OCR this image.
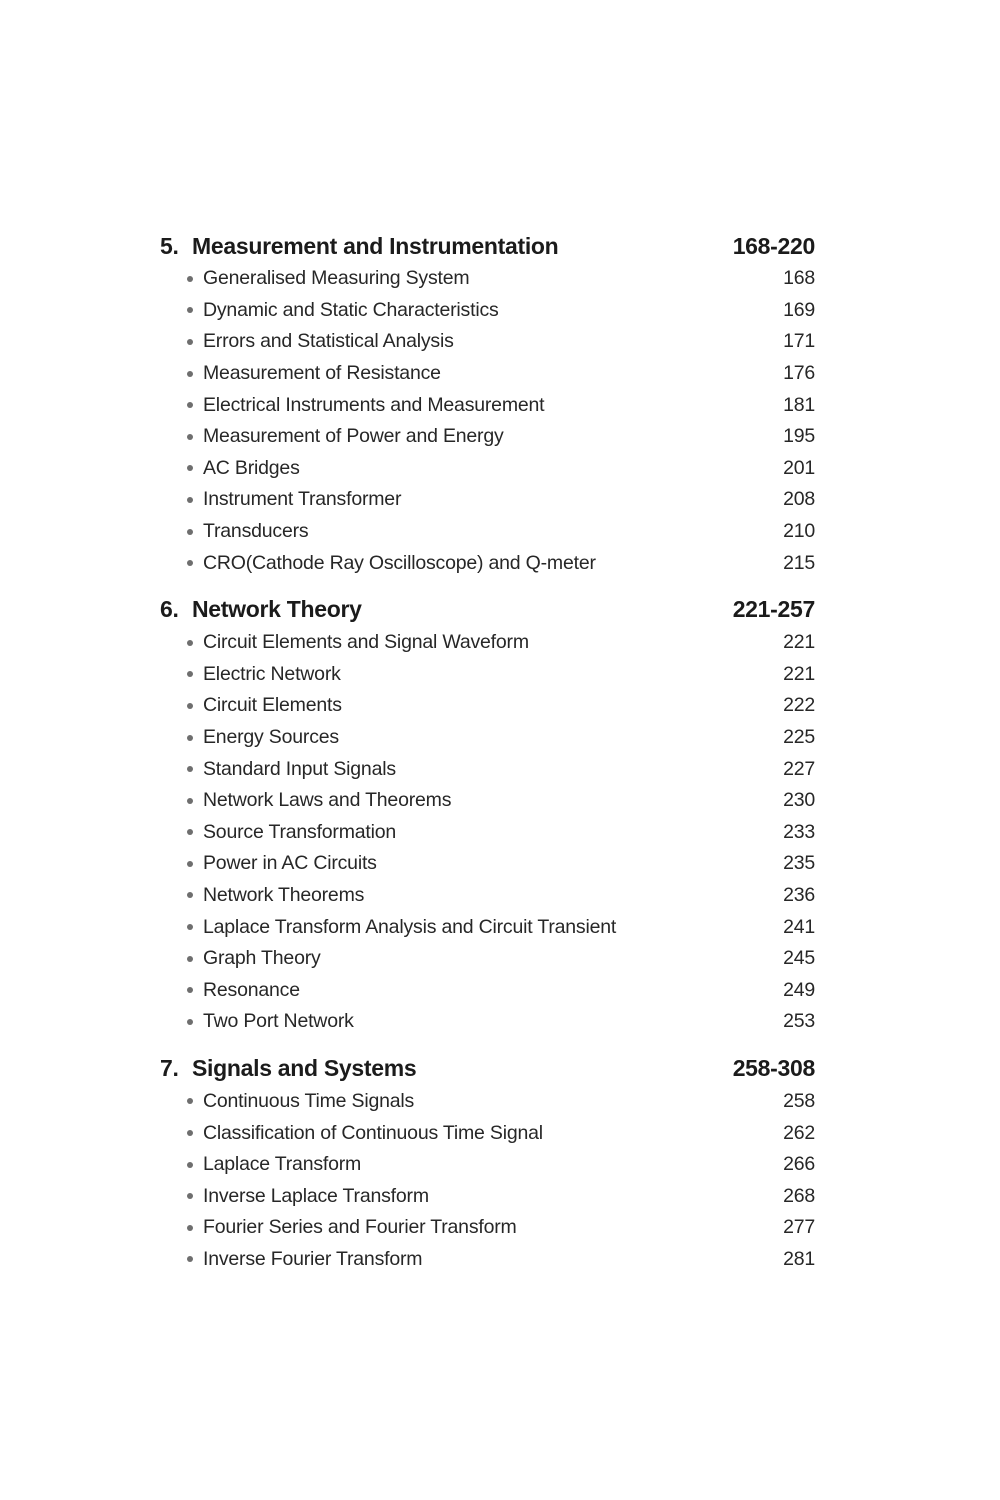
5. Measurement and Instrumentation	168-220
Generalised Measuring System	168
Dynamic and Static Characteristics	169
Errors and Statistical Analysis	171
Measurement of Resistance	176
Electrical Instruments and Measurement	181
Measurement of Power and Energy	195
AC Bridges	201
Instrument Transformer	208
Transducers	210
CRO(Cathode Ray Oscilloscope) and Q-meter	215
6. Network Theory	221-257
Circuit Elements and Signal Waveform	221
Electric Network	221
Circuit Elements	222
Energy Sources	225
Standard Input Signals	227
Network Laws and Theorems	230
Source Transformation	233
Power in AC Circuits	235
Network Theorems	236
Laplace Transform Analysis and Circuit Transient	241
Graph Theory	245
Resonance	249
Two Port Network	253
7. Signals and Systems	258-308
Continuous Time Signals	258
Classification of Continuous Time Signal	262
Laplace Transform	266
Inverse Laplace Transform	268
Fourier Series and Fourier Transform	277
Inverse Fourier Transform	281
